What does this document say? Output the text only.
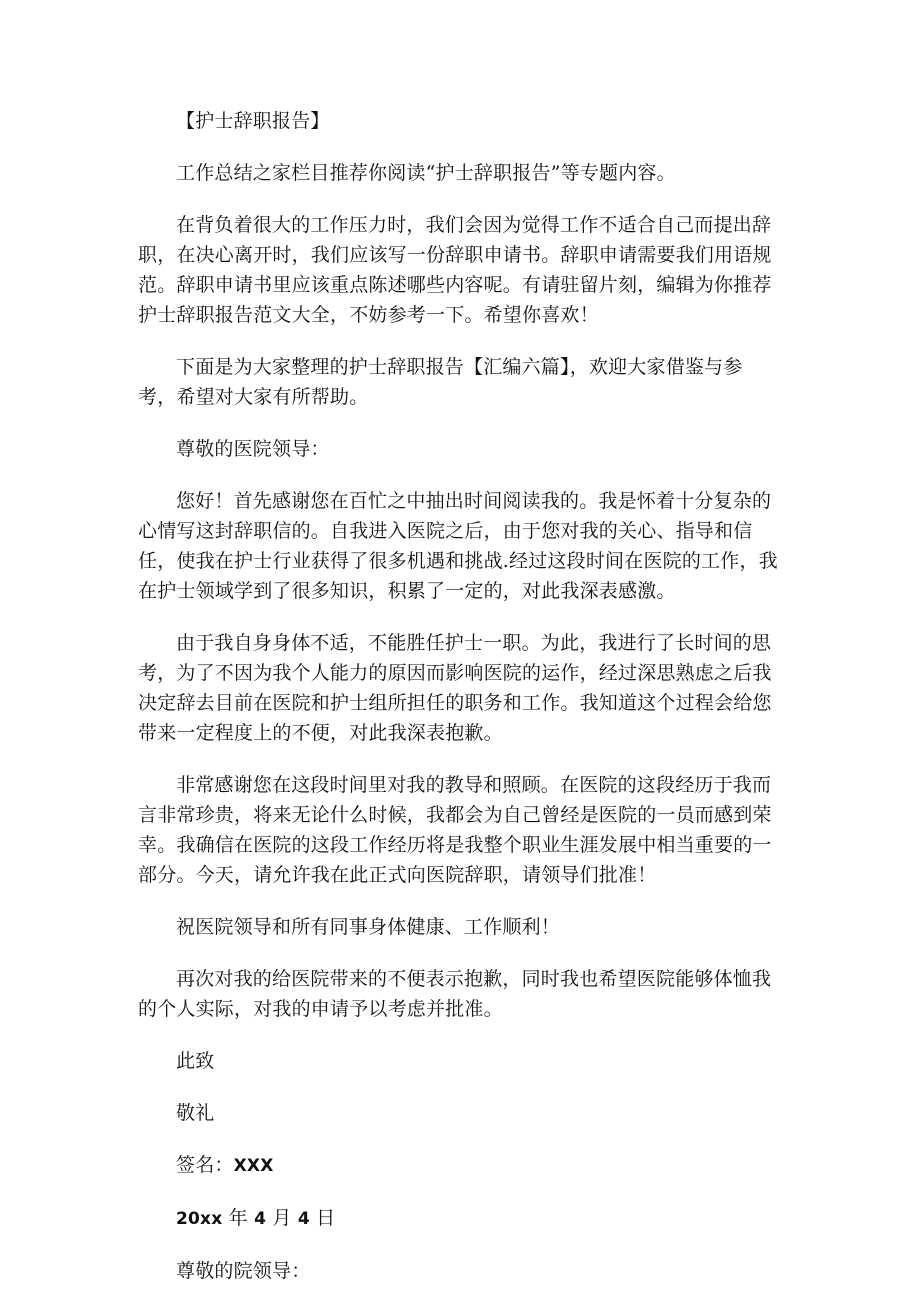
【护士辞职报告】

工作总结之家栏目推荐你阅读“护士辞职报告”等专题内容。

在背负着很大的工作压力时，我们会因为觉得工作不适合自己而提出辞职，在决心离开时，我们应该写一份辞职申请书。辞职申请需要我们用语规范。辞职申请书里应该重点陈述哪些内容呢。有请驻留片刻，编辑为你推荐护士辞职报告范文大全，不妨参考一下。希望你喜欢！

下面是为大家整理的护士辞职报告【汇编六篇】，欢迎大家借鉴与参考，希望对大家有所帮助。

尊敬的医院领导：

您好！首先感谢您在百忙之中抽出时间阅读我的。我是怀着十分复杂的心情写这封辞职信的。自我进入医院之后，由于您对我的关心、指导和信任，使我在护士行业获得了很多机遇和挑战.经过这段时间在医院的工作，我在护士领域学到了很多知识，积累了一定的，对此我深表感激。

由于我自身身体不适，不能胜任护士一职。为此，我进行了长时间的思考，为了不因为我个人能力的原因而影响医院的运作，经过深思熟虑之后我决定辞去目前在医院和护士组所担任的职务和工作。我知道这个过程会给您带来一定程度上的不便，对此我深表抱歉。

非常感谢您在这段时间里对我的教导和照顾。在医院的这段经历于我而言非常珍贵，将来无论什么时候，我都会为自己曾经是医院的一员而感到荣幸。我确信在医院的这段工作经历将是我整个职业生涯发展中相当重要的一部分。今天，请允许我在此正式向医院辞职，请领导们批准！

祝医院领导和所有同事身体健康、工作顺利！

再次对我的给医院带来的不便表示抱歉，同时我也希望医院能够体恤我的个人实际，对我的申请予以考虑并批准。

此致

敬礼

签名：XXX

20xx 年 4 月 4 日

尊敬的院领导：
